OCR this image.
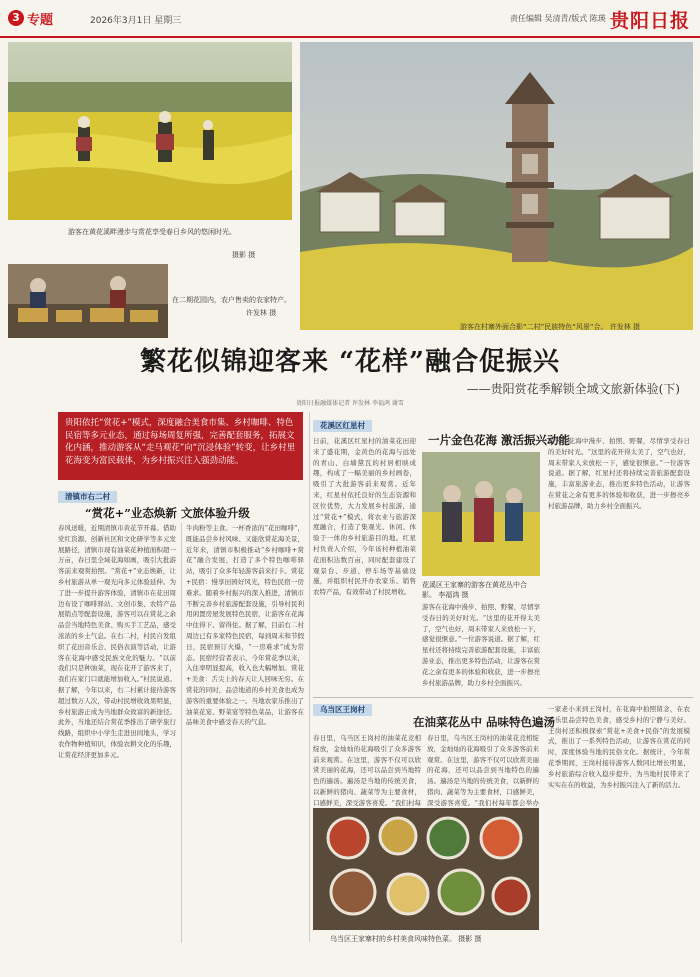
3 专题	2026年3月1日 星期三	责任编辑 吴清青/版式 陈瑛 贵阳日报
游客在黄花溪畔漫步与赏花享受春日乡风的悠闲时光。
摄影 摄
在二期花园内，农户售卖的农家特产。
许发林 摄
游客在村寨外面合影“二村”民族特色“风景”合。 许发林 摄
繁花似锦迎客来 “花样”融合促振兴
——贵阳赏花季解锁全域文旅新体验(下)
贵阳日报融媒体记者 许发林 李福鸿 谢雪
贵阳依托“赏花+”模式，深度融合美食市集、乡村咖啡、特色民宿等多元业态，通过每场周复所强，完善配套服务，拓展文化内涵，推动游客从“走马观花”向“沉浸体验”转变，让乡村里花海变为富民载体，为乡村振兴注入强劲动能。
清镇市右二村
“赏花+”业态焕新 文旅体验升级
春风送暖，近期清镇市黄花节开幕。借助党红资源、创新社区和文化研学等多元发展路径，清镇市现有油菜花种植面积超一万亩，春日里全域花海如画，吸引大批游客前来观赏拍照。“赏花+”业态焕新，让乡村旅游从单一观光向多元体验延伸。为了进一步提升游客体验，清镇市在花田周边布设了咖啡驿站、文创市集、农特产品展销点等配套设施，游客可以在赏花之余品尝当地特色美食、购买手工艺品，感受浓浓的乡土气息。在右二村，村民自发组织了花田音乐会、民俗表演等活动，让游客在花海中感受民族文化的魅力。“以前我们只是种油菜，现在花开了游客来了，我们在家门口就能增加收入。”村民说道。据了解，今年以来，右二村累计接待游客超过数万人次，带动村民增收效果明显，乡村旅游正成为当地群众致富的新途径。此外，当地还结合赏花季推出了研学旅行线路，组织中小学生走进田间地头，学习农作物种植知识，体验农耕文化的乐趣，让赏花经济更加多元。
牛肉粉等主食。一杯香浓的“花田咖啡”，既能品尝乡村风味、又能欣赏花海美景，近年来，清镇市积极推动“乡村咖啡+赏花”融合发展，打造了多个特色咖啡驿站，吸引了众多年轻游客前来打卡。赏花+民宿：慢享田园好风光，特色民宿一房难求。随着乡村振兴的深入推进，清镇市不断完善乡村旅游配套设施，引导村民利用闲置房屋发展特色民宿，让游客在花海中住得下、留得住。据了解，目前右二村周边已有多家特色民宿，每到周末和节假日，民宿预订火爆，“一房难求”成为常态。民宿经营者表示，今年赏花季以来，入住率明显提高，收入也大幅增加。赏花+美食：舌尖上的春天让人回味无穷。在赏花的同时，品尝地道的乡村美食也成为游客的重要体验之一。当地农家乐推出了油菜花宴、野菜宴等特色菜品，让游客在品味美食中感受春天的气息。
花溪区红星村
日前，花溪区红星村的油菜花田迎来了盛花期，金黄色的花海与远处的青山、白墙黛瓦的村居相映成趣，构成了一幅美丽的乡村画卷，吸引了大批游客前来观赏。近年来，红星村依托良好的生态资源和区位优势，大力发展乡村旅游，通过“赏花+”模式，将农业与旅游深度融合，打造了集观光、休闲、体验于一体的乡村旅游目的地。红星村负责人介绍，今年该村种植油菜花面积达数百亩，同时配套建设了观景台、步道、停车场等基础设施，并组织村民开办农家乐、销售农特产品，有效带动了村民增收。
一片金色花海 激活振兴动能
花溪区王家寨的游客在黄花丛中合影。 李福鸿 摄
游客在花海中漫步、拍照、野餐，尽情享受春日的美好时光。“这里的花开得太美了，空气也好，周末带家人来放松一下，感觉很惬意。”一位游客说道。据了解，红星村还将持续完善旅游配套设施，丰富旅游业态，推出更多特色活动，让游客在赏花之余有更多的体验和收获，进一步擦亮乡村旅游品牌，助力乡村全面振兴。
游客在花海中漫步、拍照、野餐，尽情享受春日的美好时光。“这里的花开得太美了，空气也好，周末带家人来放松一下，感觉很惬意。”一位游客说道。据了解，红星村还将持续完善旅游配套设施，丰富旅游业态，推出更多特色活动，让游客在赏花之余有更多的体验和收获，进一步擦亮乡村旅游品牌，助力乡村全面振兴。
乌当区王岗村
在油菜花丛中 品味特色遍汤
春日里，乌当区王岗村的油菜花竞相绽放，金灿灿的花海吸引了众多游客前来观赏。在这里，游客不仅可以欣赏美丽的花海，还可以品尝到当地特色的遍汤。遍汤是当地的传统美食，以新鲜的猪肉、蔬菜等为主要食材，口感鲜美，深受游客喜爱。“我们村每
春日里，乌当区王岗村的油菜花竞相绽放，金灿灿的花海吸引了众多游客前来观赏。在这里，游客不仅可以欣赏美丽的花海，还可以品尝到当地特色的遍汤。遍汤是当地的传统美食，以新鲜的猪肉、蔬菜等为主要食材，口感鲜美，深受游客喜爱。“我们村每年都会举办
乌当区王家寨村的乡村美食风味特色菜。 摄影 摄
一家老小来到王岗村，在花海中拍照留念，在农家乐里品尝特色美食，感受乡村的宁静与美好。王岗村还积极探索“赏花+美食+民俗”的发展模式，推出了一系列特色活动，让游客在赏花的同时，深度体验当地的民俗文化。据统计，今年赏花季期间，王岗村接待游客人数同比增长明显，乡村旅游综合收入稳步提升，为当地村民带来了实实在在的收益，为乡村振兴注入了新的活力。
